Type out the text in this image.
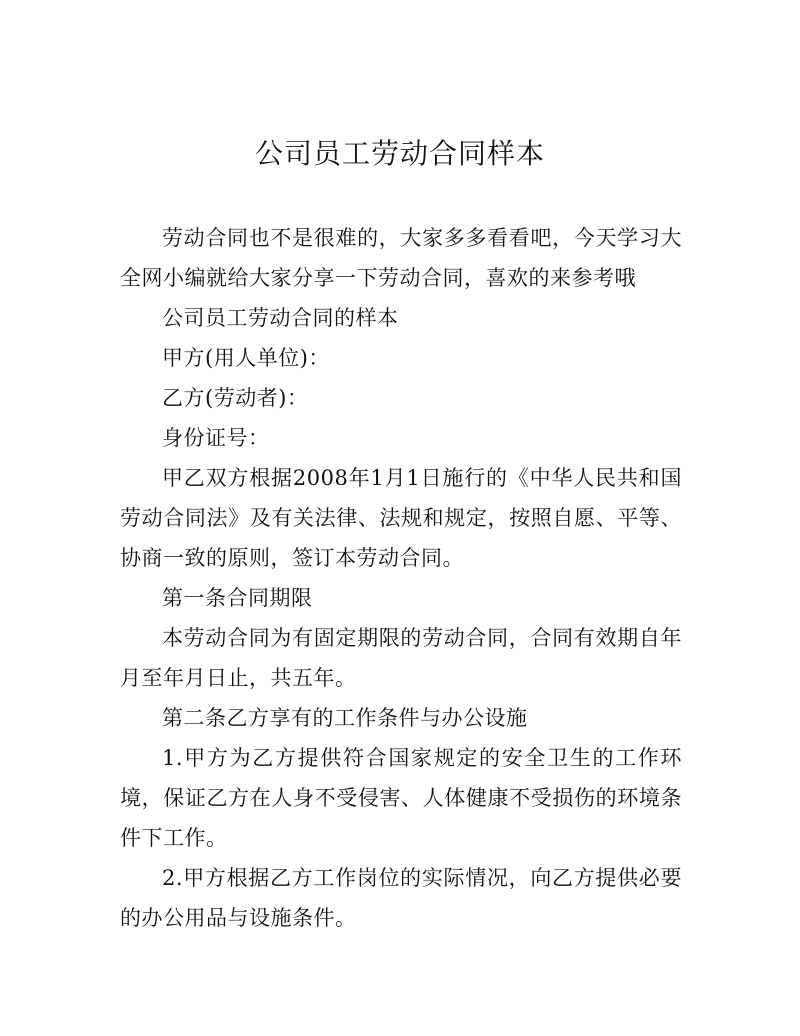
公司员工劳动合同样本

劳动合同也不是很难的，大家多多看看吧，今天学习大全网小编就给大家分享一下劳动合同，喜欢的来参考哦

公司员工劳动合同的样本

甲方(用人单位)：

乙方(劳动者)：

身份证号：

甲乙双方根据2008年1月1日施行的《中华人民共和国劳动合同法》及有关法律、法规和规定，按照自愿、平等、协商一致的原则，签订本劳动合同。

第一条合同期限

本劳动合同为有固定期限的劳动合同，合同有效期自年月至年月日止，共五年。

第二条乙方享有的工作条件与办公设施

1.甲方为乙方提供符合国家规定的安全卫生的工作环境，保证乙方在人身不受侵害、人体健康不受损伤的环境条件下工作。

2.甲方根据乙方工作岗位的实际情况，向乙方提供必要的办公用品与设施条件。
